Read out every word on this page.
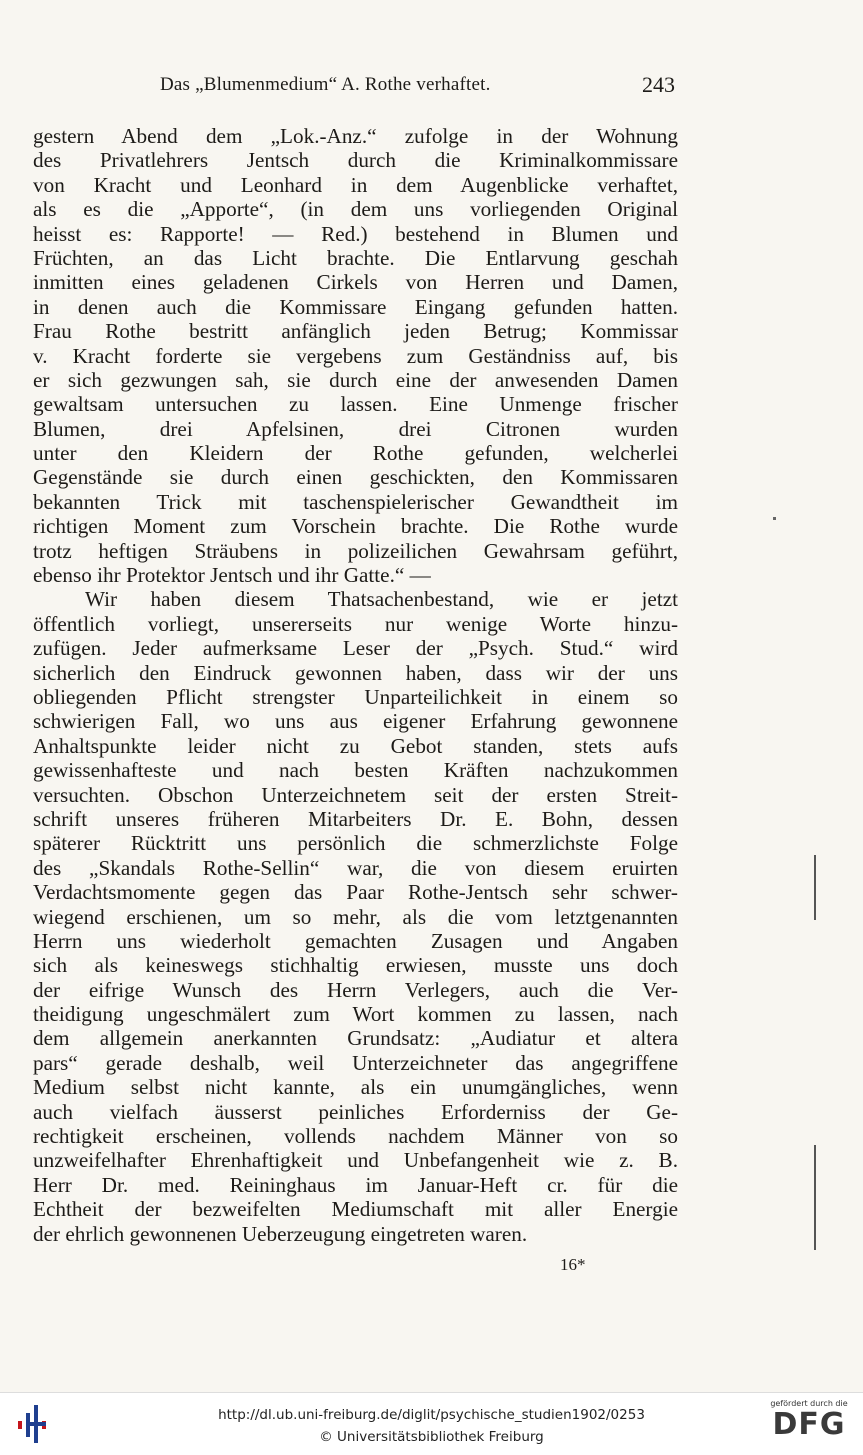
Das „Blumenmedium“ A. Rothe verhaftet.	243
gestern Abend dem „Lok.-Anz.“ zufolge in der Wohnung
des Privatlehrers Jentsch durch die Kriminalkommissare
von Kracht und Leonhard in dem Augenblicke verhaftet,
als es die „Apporte“, (in dem uns vorliegenden Original
heisst es: Rapporte! — Red.) bestehend in Blumen und
Früchten, an das Licht brachte. Die Entlarvung geschah
inmitten eines geladenen Cirkels von Herren und Damen,
in denen auch die Kommissare Eingang gefunden hatten.
Frau Rothe bestritt anfänglich jeden Betrug; Kommissar
v. Kracht forderte sie vergebens zum Geständniss auf, bis
er sich gezwungen sah, sie durch eine der anwesenden Damen
gewaltsam untersuchen zu lassen. Eine Unmenge frischer
Blumen, drei Apfelsinen, drei Citronen wurden
unter den Kleidern der Rothe gefunden, welcherlei
Gegenstände sie durch einen geschickten, den Kommissaren
bekannten Trick mit taschenspielerischer Gewandtheit im
richtigen Moment zum Vorschein brachte. Die Rothe wurde
trotz heftigen Sträubens in polizeilichen Gewahrsam geführt,
ebenso ihr Protektor Jentsch und ihr Gatte.“ —
Wir haben diesem Thatsachenbestand, wie er jetzt
öffentlich vorliegt, unsererseits nur wenige Worte hinzu-
zufügen. Jeder aufmerksame Leser der „Psych. Stud.“ wird
sicherlich den Eindruck gewonnen haben, dass wir der uns
obliegenden Pflicht strengster Unparteilichkeit in einem so
schwierigen Fall, wo uns aus eigener Erfahrung gewonnene
Anhaltspunkte leider nicht zu Gebot standen, stets aufs
gewissenhafteste und nach besten Kräften nachzukommen
versuchten. Obschon Unterzeichnetem seit der ersten Streit-
schrift unseres früheren Mitarbeiters Dr. E. Bohn, dessen
späterer Rücktritt uns persönlich die schmerzlichste Folge
des „Skandals Rothe-Sellin“ war, die von diesem eruirten
Verdachtsmomente gegen das Paar Rothe-Jentsch sehr schwer-
wiegend erschienen, um so mehr, als die vom letztgenannten
Herrn uns wiederholt gemachten Zusagen und Angaben
sich als keineswegs stichhaltig erwiesen, musste uns doch
der eifrige Wunsch des Herrn Verlegers, auch die Ver-
theidigung ungeschmälert zum Wort kommen zu lassen, nach
dem allgemein anerkannten Grundsatz: „Audiatur et altera
pars“ gerade deshalb, weil Unterzeichneter das angegriffene
Medium selbst nicht kannte, als ein unumgängliches, wenn
auch vielfach äusserst peinliches Erforderniss der Ge-
rechtigkeit erscheinen, vollends nachdem Männer von so
unzweifelhafter Ehrenhaftigkeit und Unbefangenheit wie z. B.
Herr Dr. med. Reininghaus im Januar-Heft cr. für die
Echtheit der bezweifelten Mediumschaft mit aller Energie
der ehrlich gewonnenen Ueberzeugung eingetreten waren.
16*
http://dl.ub.uni-freiburg.de/diglit/psychische_studien1902/0253
© Universitätsbibliothek Freiburg
gefördert durch die
DFG
